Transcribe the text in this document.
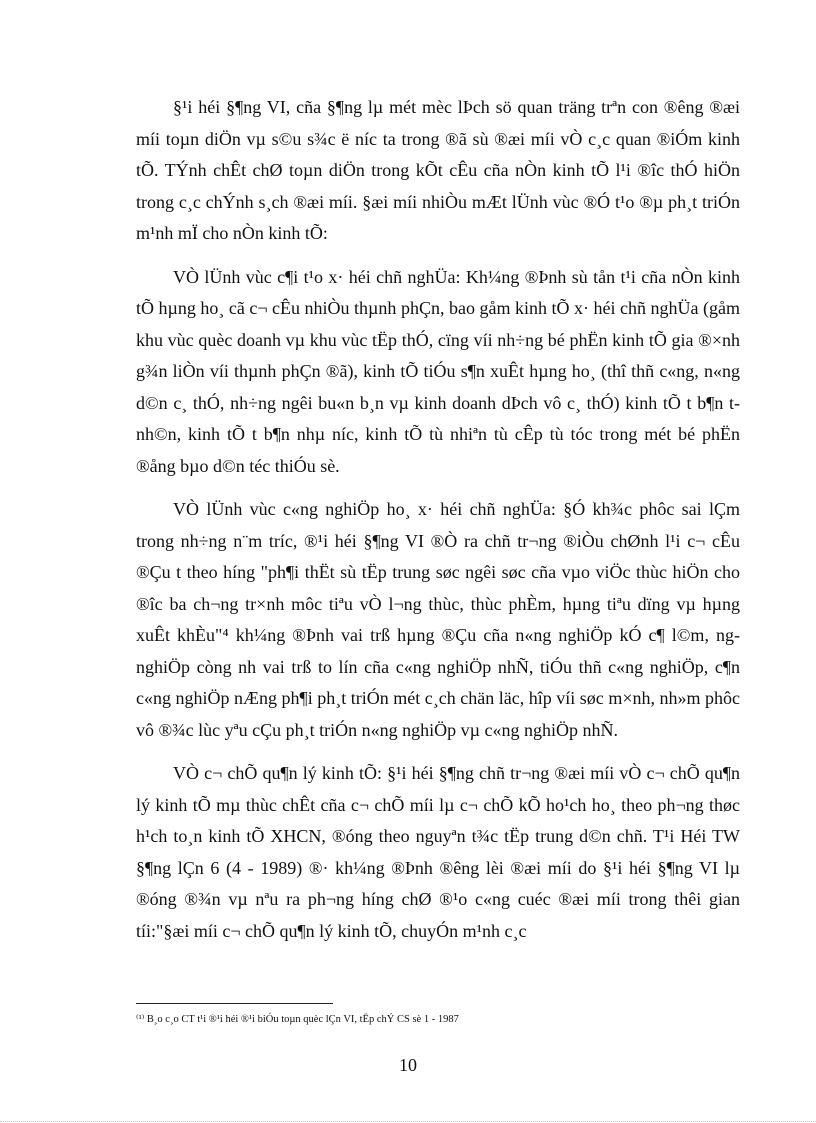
§¹i héi §¶ng VI, cña §¶ng lµ mét mèc lÞch sö quan träng trªn con ®êng ®æi míi toµn diÖn vµ s©u s¾c ë níc ta trong ®ã sù ®æi míi vÒ c¸c quan ®iÓm kinh tÕ. TÝnh chÊt chØ toµn diÖn trong kÕt cÊu cña nÒn kinh tÕ l¹i ®îc thÓ hiÖn trong c¸c chÝnh s¸ch ®æi míi. §æi míi nhiÒu mÆt lÜnh vùc ®Ó t¹o ®µ ph¸t triÓn m¹nh mÏ cho nÒn kinh tÕ:

VÒ lÜnh vùc c¶i t¹o x· héi chñ nghÜa: Kh¼ng ®Þnh sù tån t¹i cña nÒn kinh tÕ hµng ho¸ cã c¬ cÊu nhiÒu thµnh phÇn, bao gåm kinh tÕ x· héi chñ nghÜa (gåm khu vùc quèc doanh vµ khu vùc tËp thÓ, cïng víi nh÷ng bé phËn kinh tÕ gia ®×nh g¾n liÒn víi thµnh phÇn ®ã), kinh tÕ tiÓu s¶n xuÊt hµng ho¸ (thî thñ c«ng, n«ng d©n c¸ thÓ, nh÷ng ngêi bu«n b¸n vµ kinh doanh dÞch vô c¸ thÓ) kinh tÕ t b¶n t nh©n, kinh tÕ t b¶n nhµ níc, kinh tÕ tù nhiªn tù cÊp tù tóc trong mét bé phËn ®ång bµo d©n téc thiÓu sè.

VÒ lÜnh vùc c«ng nghiÖp ho¸ x· héi chñ nghÜa: §Ó kh¾c phôc sai lÇm trong nh÷ng n¨m tríc, ®¹i héi §¶ng VI ®Ò ra chñ tr¬ng ®iÒu chØnh l¹i c¬ cÊu ®Çu t theo híng "ph¶i thËt sù tËp trung søc ngêi søc cña vµo viÖc thùc hiÖn cho ®îc ba ch¬ng tr×nh môc tiªu vÒ l¬ng thùc, thùc phÈm, hµng tiªu dïng vµ hµng xuÊt khÈu"⁴ kh¼ng ®Þnh vai trß hµng ®Çu cña n«ng nghiÖp kÓ c¶ l©m, ng nghiÖp còng nh vai trß to lín cña c«ng nghiÖp nhÑ, tiÓu thñ c«ng nghiÖp, c¶n c«ng nghiÖp nÆng ph¶i ph¸t triÓn mét c¸ch chän läc, hîp víi søc m×nh, nh»m phôc vô ®¾c lùc yªu cÇu ph¸t triÓn n«ng nghiÖp vµ c«ng nghiÖp nhÑ.

VÒ c¬ chÕ qu¶n lý kinh tÕ: §¹i héi §¶ng chñ tr¬ng ®æi míi vÒ c¬ chÕ qu¶n lý kinh tÕ mµ thùc chÊt cña c¬ chÕ míi lµ c¬ chÕ kÕ ho¹ch ho¸ theo ph¬ng thøc h¹ch to¸n kinh tÕ XHCN, ®óng theo nguyªn t¾c tËp trung d©n chñ. T¹i Héi TW §¶ng lÇn 6 (4 - 1989) ®· kh¼ng ®Þnh ®êng lèi ®æi míi do §¹i héi §¶ng VI lµ ®óng ®¾n vµ nªu ra ph¬ng híng chØ ®¹o c«ng cuéc ®æi míi trong thêi gian tíi:"§æi míi c¬ chÕ qu¶n lý kinh tÕ, chuyÓn m¹nh c¸c

⁽¹⁾ B¸o c¸o CT t¹i ®¹i héi ®¹i biÓu toµn quèc lÇn VI, tËp chÝ CS sè 1 - 1987
10
